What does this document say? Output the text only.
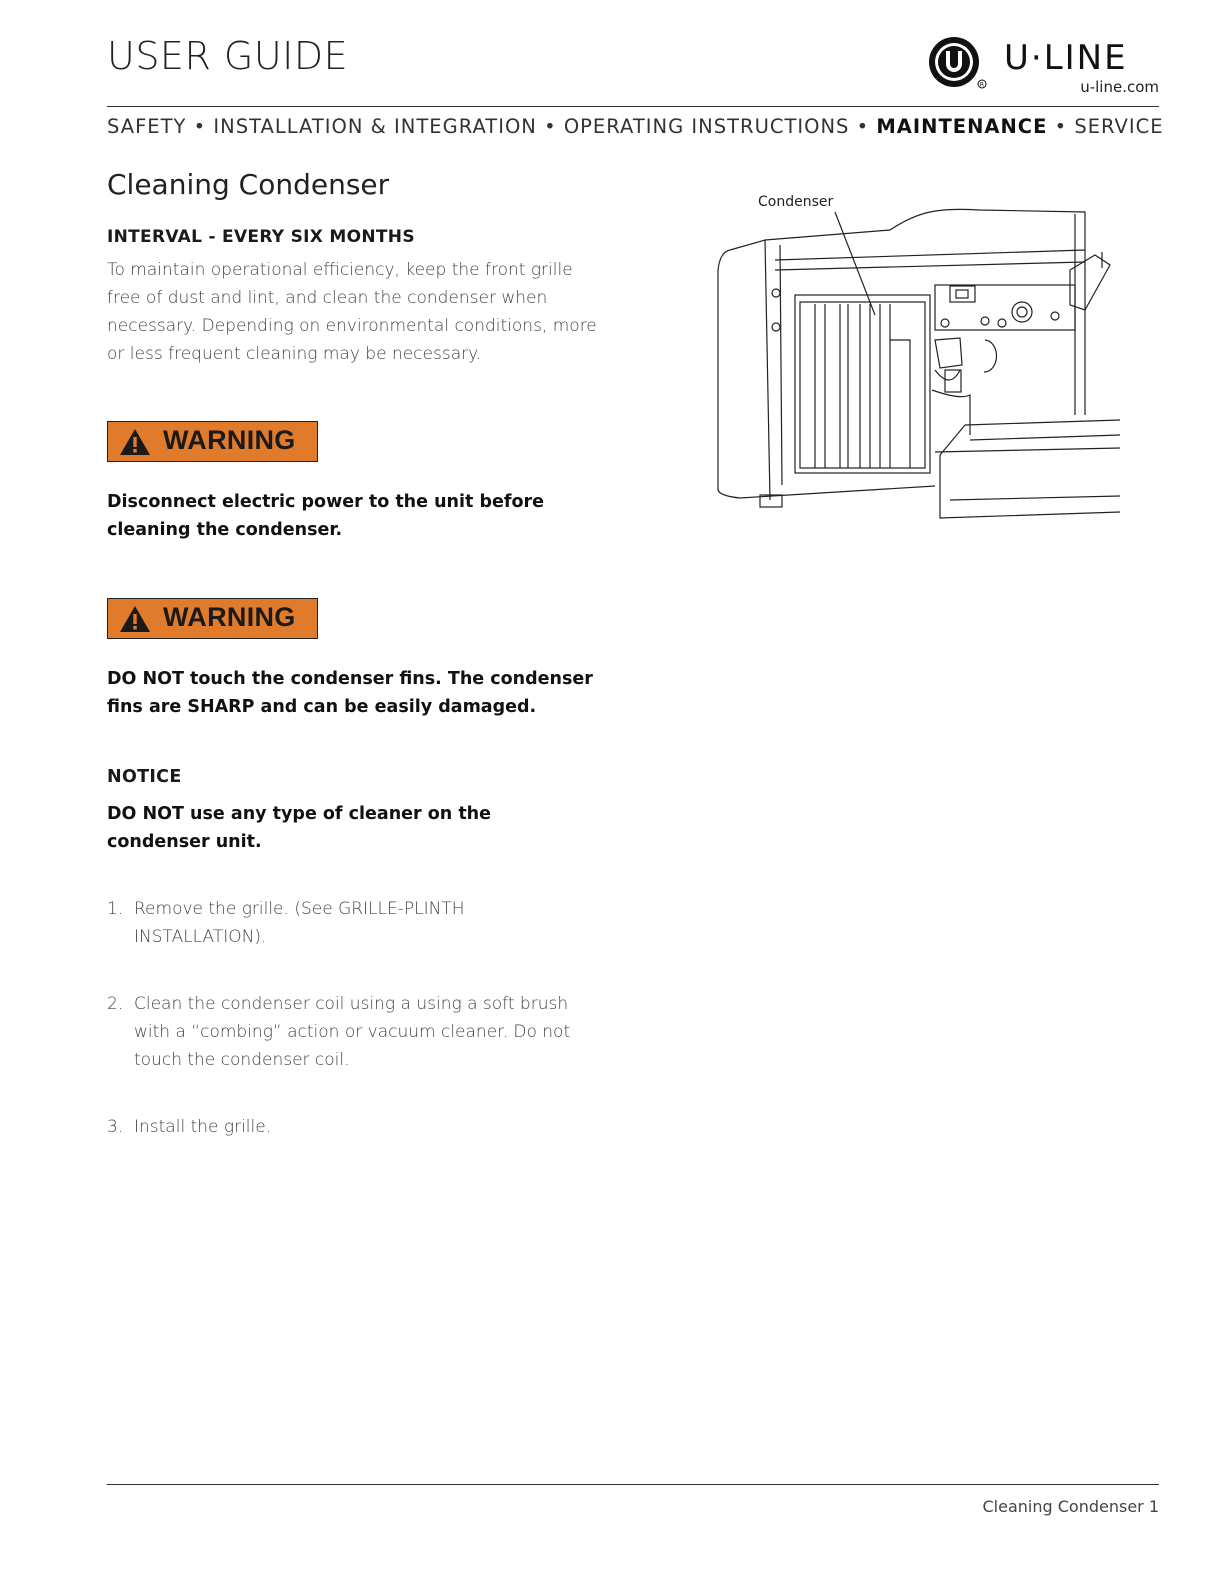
USER GUIDE
R
U·LINE
u-line.com
SAFETY • INSTALLATION & INTEGRATION • OPERATING INSTRUCTIONS • MAINTENANCE • SERVICE
Cleaning Condenser
INTERVAL - EVERY SIX MONTHS
To maintain operational efficiency, keep the front grille free of dust and lint, and clean the condenser when necessary. Depending on environmental conditions, more or less frequent cleaning may be necessary.
WARNING
Disconnect electric power to the unit before cleaning the condenser.
WARNING
DO NOT touch the condenser fins. The condenser fins are SHARP and can be easily damaged.
NOTICE
DO NOT use any type of cleaner on the condenser unit.
1. Remove the grille. (See GRILLE-PLINTH INSTALLATION).
2. Clean the condenser coil using a using a soft brush with a “combing” action or vacuum cleaner. Do not touch the condenser coil.
3. Install the grille.
Condenser
Cleaning Condenser 1
